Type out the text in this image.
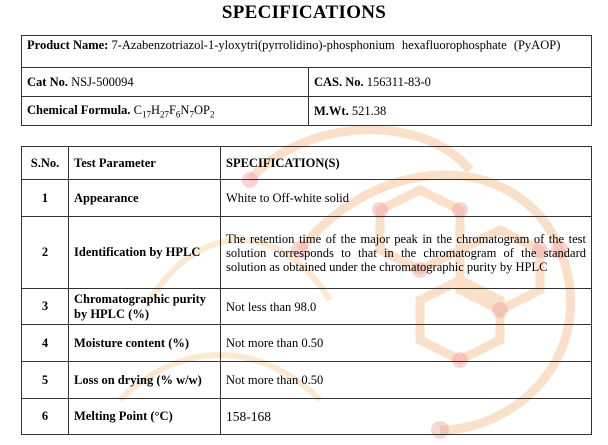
SPECIFICATIONS
Product Name: 7-Azabenzotriazol-1-yloxytri(pyrrolidino)-phosphonium hexafluorophosphate (PyAOP)	
Cat No. NSJ-500094	CAS. No. 156311-83-0
Chemical Formula. $C_{17}H_{27}F_6N_7OP_2$	M.Wt. 521.38
S.No.	Test Parameter	SPECIFICATION(S)
1	Appearance	White to Off-white solid
2	Identification by HPLC	The retention time of the major peak in the chromatogram of the test solution corresponds to that in the chromatogram of the standard solution as obtained under the chromatographic purity by HPLC
3	Chromatographic purity by HPLC (%)	Not less than 98.0
4	Moisture content (%)	Not more than 0.50
5	Loss on drying (% w/w)	Not more than 0.50
6	Melting Point (°C)	158-168
